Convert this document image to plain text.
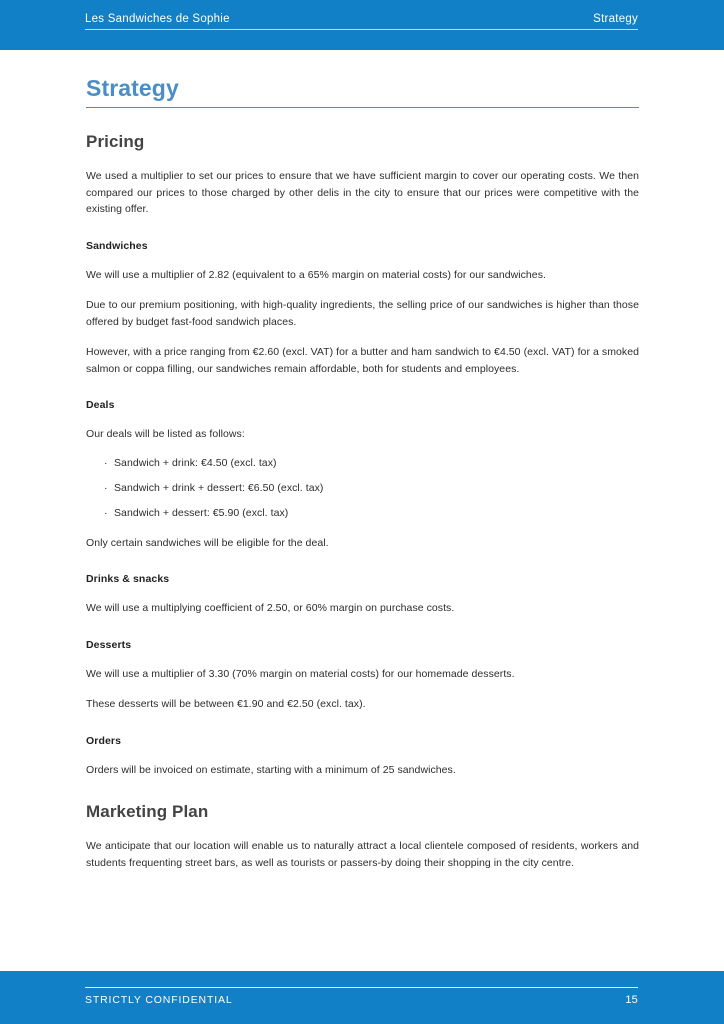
Les Sandwiches de Sophie	Strategy
Strategy
Pricing

We used a multiplier to set our prices to ensure that we have sufficient margin to cover our operating costs. We then compared our prices to those charged by other delis in the city to ensure that our prices were competitive with the existing offer.

Sandwiches

We will use a multiplier of 2.82 (equivalent to a 65% margin on material costs) for our sandwiches.

Due to our premium positioning, with high-quality ingredients, the selling price of our sandwiches is higher than those offered by budget fast-food sandwich places.

However, with a price ranging from €2.60 (excl. VAT) for a butter and ham sandwich to €4.50 (excl. VAT) for a smoked salmon or coppa filling, our sandwiches remain affordable, both for students and employees.

Deals

Our deals will be listed as follows:

· Sandwich + drink: €4.50 (excl. tax)
· Sandwich + drink + dessert: €6.50 (excl. tax)
· Sandwich + dessert: €5.90 (excl. tax)

Only certain sandwiches will be eligible for the deal.

Drinks & snacks

We will use a multiplying coefficient of 2.50, or 60% margin on purchase costs.

Desserts

We will use a multiplier of 3.30 (70% margin on material costs) for our homemade desserts.

These desserts will be between €1.90 and €2.50 (excl. tax).

Orders

Orders will be invoiced on estimate, starting with a minimum of 25 sandwiches.

Marketing Plan

We anticipate that our location will enable us to naturally attract a local clientele composed of residents, workers and students frequenting street bars, as well as tourists or passers-by doing their shopping in the city centre.

STRICTLY CONFIDENTIAL	15
